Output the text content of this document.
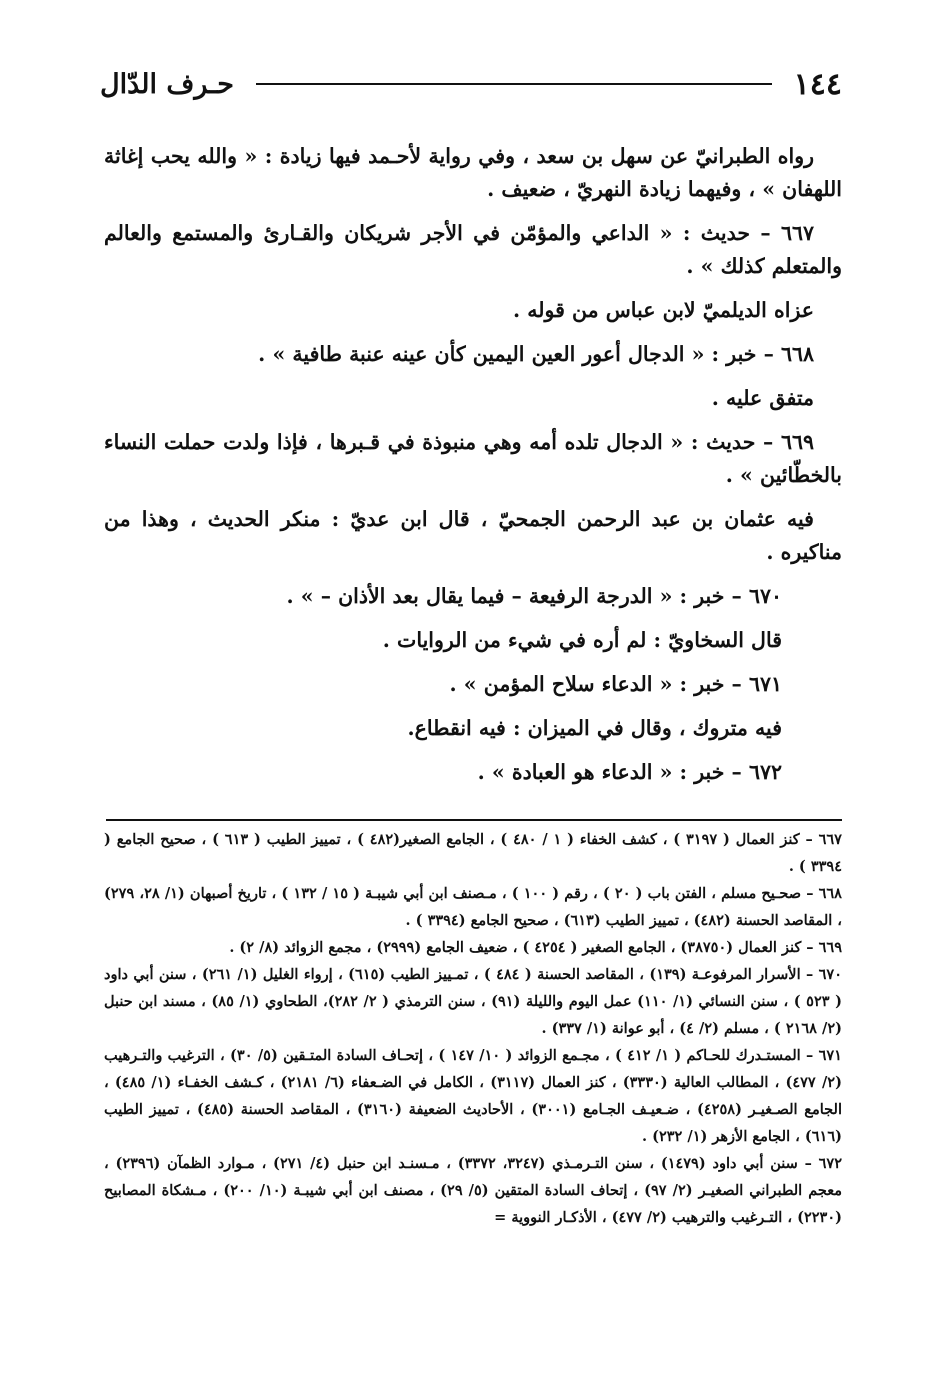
١٤٤
حـرف الدّال

رواه الطبرانيّ عن سهل بن سعد ، وفي رواية لأحـمد فيها زيادة : « والله يحب إغاثة اللهفان » ، وفيهما زيادة النهريّ ، ضعيف .

٦٦٧ – حديث : « الداعي والمؤمّن في الأجر شريكان والقـارئ والمستمع والعالم والمتعلم كذلك » .

عزاه الديلميّ لابن عباس من قوله .

٦٦٨ – خبر : « الدجال أعور العين اليمين كأن عينه عنبة طافية » .

متفق عليه .

٦٦٩ – حديث : « الدجال تلده أمه وهي منبوذة في قـبرها ، فإذا ولدت حملت النساء بالخطّائين » .

فيه عثمان بن عبد الرحمن الجمحيّ ، قال ابن عديّ : منكر الحديث ، وهذا من مناكيره .

٦٧٠ – خبر : « الدرجة الرفيعة – فيما يقال بعد الأذان – » .

قال السخاويّ : لم أره في شيء من الروايات .

٦٧١ – خبر : « الدعاء سلاح المؤمن » .

فيه متروك ، وقال في الميزان : فيه انقطاع.

٦٧٢ – خبر : « الدعاء هو العبادة » .

٦٦٧ – كنز العمال ( ٣١٩٧ ) ، كشف الخفاء ( ١ / ٤٨٠ ) ، الجامع الصغير(٤٨٢ ) ، تمييز الطيب ( ٦١٣ ) ، صحيح الجامع ( ٣٣٩٤ ) .

٦٦٨ – صحـيح مسلم ، الفتن باب ( ٢٠ ) ، رقم ( ١٠٠ ) ، مـصنف ابن أبي شيبـة ( ١٥ / ١٣٢ ) ، تاريخ أصبهان (١/ ٢٨، ٢٧٩) ، المقاصد الحسنة (٤٨٢) ، تمييز الطيب (٦١٣) ، صحيح الجامع (٣٣٩٤ ) .

٦٦٩ – كنز العمال (٣٨٧٥٠) ، الجامع الصغير ( ٤٢٥٤ ) ، ضعيف الجامع (٢٩٩٩) ، مجمع الزوائد (٨/ ٢) .

٦٧٠ – الأسرار المرفوعـة (١٣٩) ، المقاصد الحسنة ( ٤٨٤ ) ، تمـييز الطيب (٦١٥) ، إرواء الغليل (١/ ٢٦١) ، سنن أبي داود ( ٥٢٣ ) ، سنن النسائي (١/ ١١٠) عمل اليوم والليلة (٩١) ، سنن الترمذي ( ٢/ ٢٨٢)، الطحاوي (١/ ٨٥) ، مسند ابن حنبل (٢/ ٢١٦٨ ) ، مسلم (٢/ ٤) ، أبو عوانة (١/ ٣٣٧) .

٦٧١ – المستـدرك للحـاكم ( ١/ ٤١٢ ) ، مجـمع الزوائد ( ١٠/ ١٤٧ ) ، إتحـاف السادة المتـقين (٥/ ٣٠) ، الترغيب والتـرهيب (٢/ ٤٧٧) ، المطالب العالية (٣٣٣٠) ، كنز العمال (٣١١٧) ، الكامل في الضـعفاء (٦/ ٢١٨١) ، كـشف الخفـاء (١/ ٤٨٥) ، الجامع الصـغيـر (٤٢٥٨) ، ضـعيـف الجـامع (٣٠٠١) ، الأحاديث الضعيفة (٣١٦٠) ، المقاصد الحسنة (٤٨٥) ، تمييز الطيب (٦١٦) ، الجامع الأزهر (١/ ٢٣٢) .

٦٧٢ – سنن أبي داود (١٤٧٩) ، سنن التـرمـذي (٣٢٤٧، ٣٣٧٢) ، مـسنـد ابن حنبل (٤/ ٢٧١) ، مـوارد الظمآن (٢٣٩٦) ، معجم الطبراني الصغيـر (٢/ ٩٧) ، إتحاف السادة المتقين (٥/ ٢٩) ، مصنف ابن أبي شيبـة (١٠/ ٢٠٠) ، مـشكاة المصابيح (٢٢٣٠) ، التـرغيب والترهيب (٢/ ٤٧٧) ، الأذكـار النووية =
